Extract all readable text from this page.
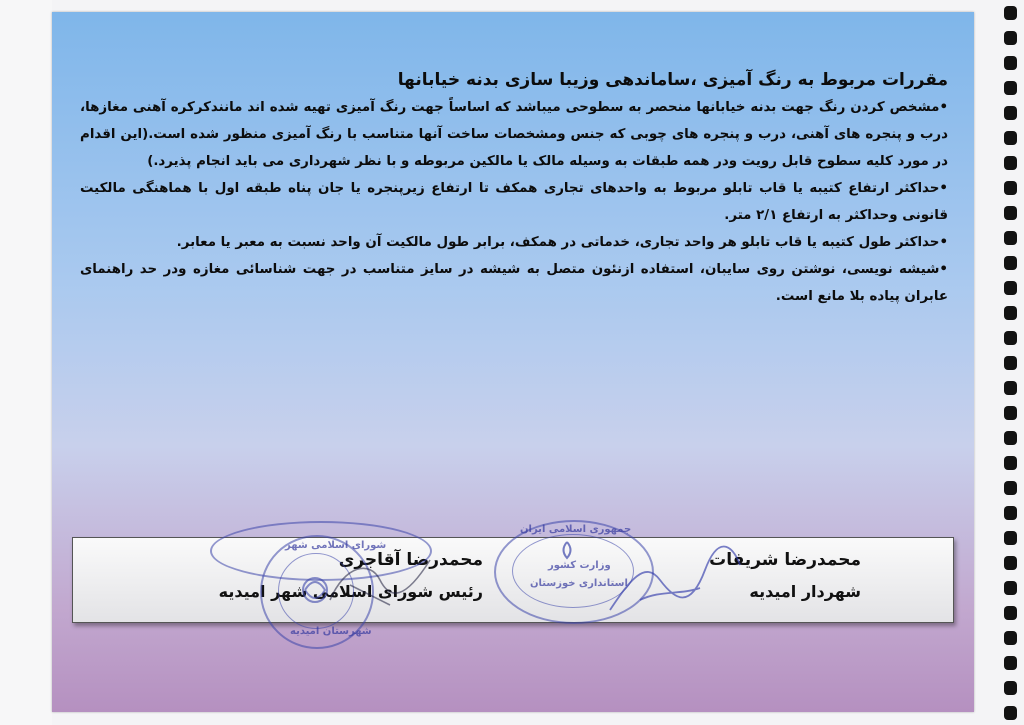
مقررات مربوط به رنگ آمیزی ،ساماندهی وزیبا سازی بدنه خیابانها

•مشخص کردن رنگ جهت بدنه خیابانها منحصر به سطوحی میباشد که اساساً جهت رنگ آمیزی تهیه شده اند مانندکرکره آهنی مغازها، درب و پنجره های آهنی، درب و پنجره های چوبی که جنس ومشخصات ساخت آنها متناسب با رنگ آمیزی منظور شده است.(این اقدام در مورد کلیه سطوح قابل رویت ودر همه طبقات به وسیله مالک یا مالکین مربوطه و با نظر شهرداری می باید انجام پذیرد.)

•حداکثر ارتفاع کتیبه یا قاب تابلو مربوط به واحدهای تجاری همکف تا ارتفاع زیرپنجره یا جان پناه طبقه اول با هماهنگی مالکیت قانونی وحداکثر به ارتفاع ۲/۱ متر.

•حداکثر طول کتیبه یا قاب تابلو هر واحد تجاری، خدماتی در همکف، برابر طول مالکیت آن واحد نسبت به معبر یا معابر.

•شیشه نویسی، نوشتن روی سایبان، استفاده ازنئون متصل به شیشه در سایز متناسب در جهت شناسائی مغازه ودر حد راهنمای عابران پیاده بلا مانع است.

محمدرضا شریفات
شهردار امیدیه
محمدرضا آقاجری
رئیس شورای اسلامی شهر امیدیه
شورای اسلامی شهر
شهرستان امیدیه
جمهوری اسلامی ایران
وزارت کشور
استانداری خوزستان
